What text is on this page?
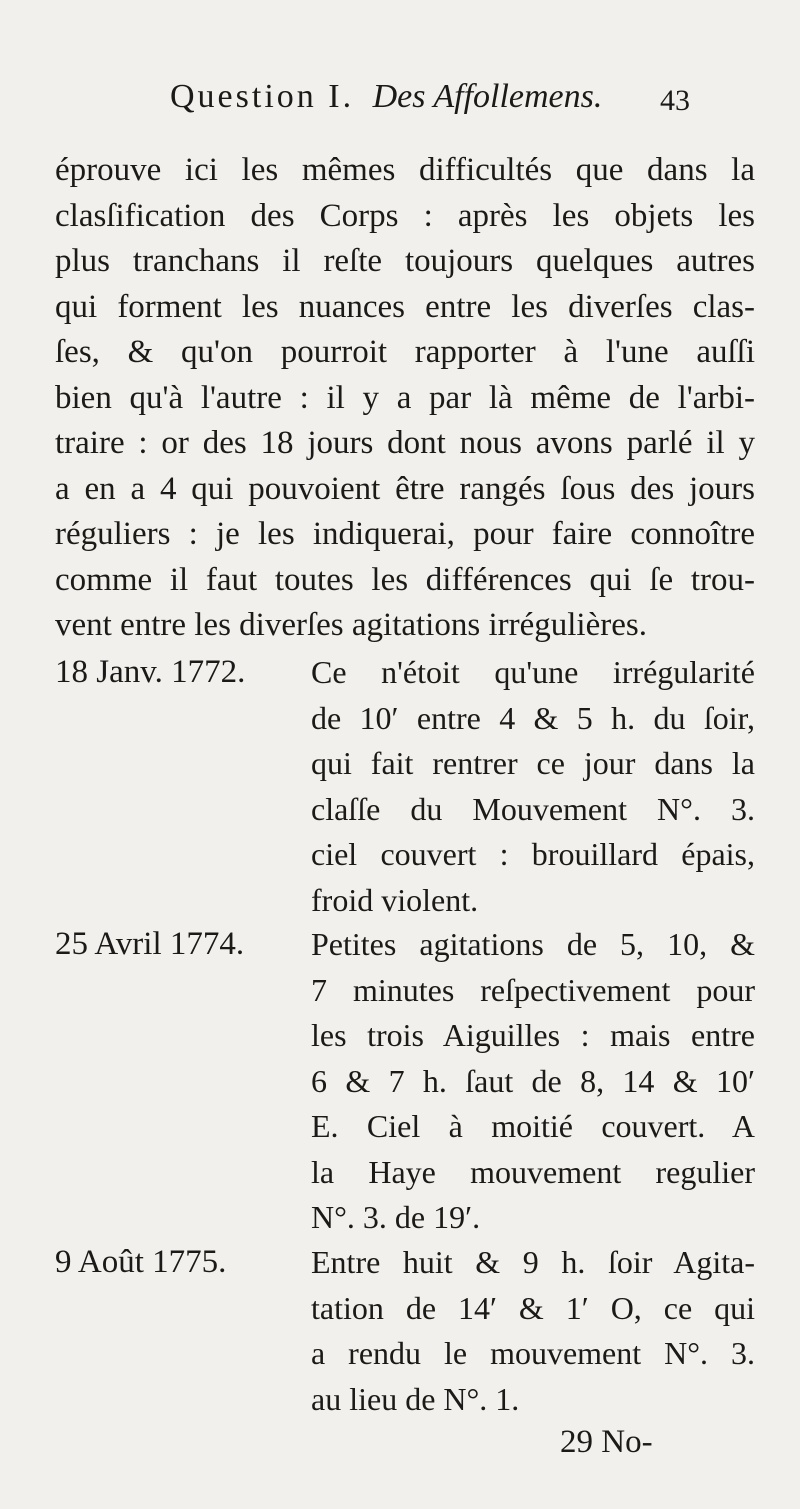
Question I. Des Affollemens. 43
éprouve ici les mêmes difficultés que dans la
clasſification des Corps : après les objets les
plus tranchans il reſte toujours quelques autres
qui forment les nuances entre les diverſes clas-
ſes, & qu'on pourroit rapporter à l'une auſſi
bien qu'à l'autre : il y a par là même de l'arbi-
traire : or des 18 jours dont nous avons parlé il y
a en a 4 qui pouvoient être rangés ſous des jours
réguliers : je les indiquerai, pour faire connoître
comme il faut toutes les différences qui ſe trou-
vent entre les diverſes agitations irrégulières.
18 Janv. 1772.	Ce n'étoit qu'une irrégularité
de 10′ entre 4 & 5 h. du ſoir,
qui fait rentrer ce jour dans la
claſſe du Mouvement N°. 3.
ciel couvert : brouillard épais,
froid violent.
25 Avril 1774.	Petites agitations de 5, 10, &
7 minutes reſpectivement pour
les trois Aiguilles : mais entre
6 & 7 h. ſaut de 8, 14 & 10′
E. Ciel à moitié couvert. A
la Haye mouvement regulier
N°. 3. de 19′.
9 Août 1775.	Entre huit & 9 h. ſoir Agita-
tation de 14′ & 1′ O, ce qui
a rendu le mouvement N°. 3.
au lieu de N°. 1.
29 No-
